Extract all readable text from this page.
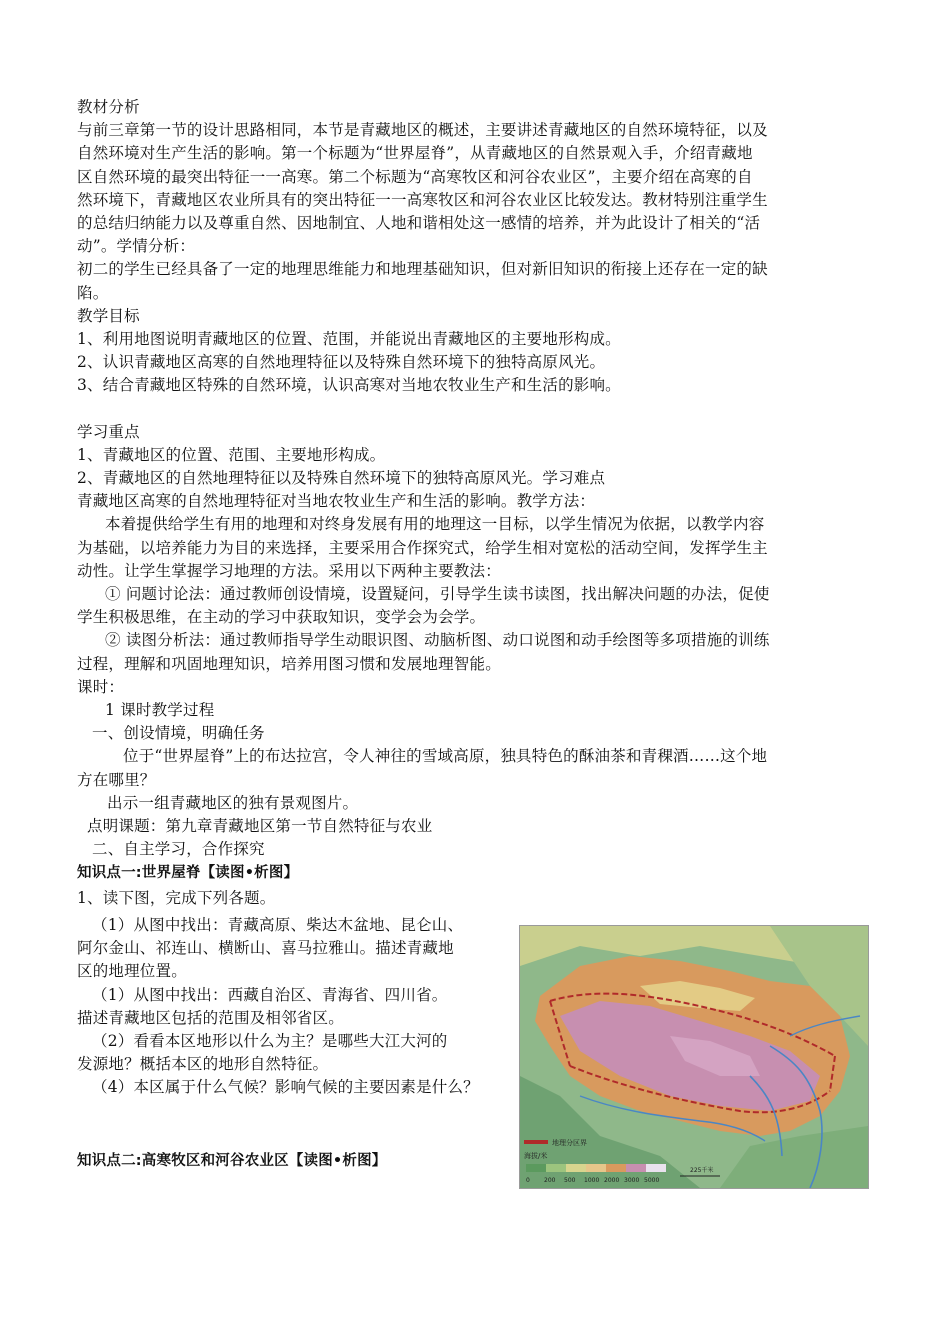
教材分析
与前三章第一节的设计思路相同，本节是青藏地区的概述，主要讲述青藏地区的自然环境特征，以及
自然环境对生产生活的影响。第一个标题为“世界屋脊”，从青藏地区的自然景观入手，介绍青藏地
区自然环境的最突出特征一一高寒。第二个标题为“高寒牧区和河谷农业区”，主要介绍在高寒的自
然环境下，青藏地区农业所具有的突出特征一一高寒牧区和河谷农业区比较发达。教材特别注重学生
的总结归纳能力以及尊重自然、因地制宜、人地和谐相处这一感情的培养，并为此设计了相关的“活
动”。学情分析：
初二的学生已经具备了一定的地理思维能力和地理基础知识，但对新旧知识的衔接上还存在一定的缺
陷。
教学目标
1、利用地图说明青藏地区的位置、范围，并能说出青藏地区的主要地形构成。
2、认识青藏地区高寒的自然地理特征以及特殊自然环境下的独特高原风光。
3、结合青藏地区特殊的自然环境，认识高寒对当地农牧业生产和生活的影响。
学习重点
1、青藏地区的位置、范围、主要地形构成。
2、青藏地区的自然地理特征以及特殊自然环境下的独特高原风光。学习难点
青藏地区高寒的自然地理特征对当地农牧业生产和生活的影响。教学方法：
本着提供给学生有用的地理和对终身发展有用的地理这一目标，以学生情况为依据，以教学内容
为基础，以培养能力为目的来选择，主要采用合作探究式，给学生相对宽松的活动空间，发挥学生主
动性。让学生掌握学习地理的方法。采用以下两种主要教法：
① 问题讨论法：通过教师创设情境，设置疑问，引导学生读书读图，找出解决问题的办法，促使
学生积极思维，在主动的学习中获取知识，变学会为会学。
② 读图分析法：通过教师指导学生动眼识图、动脑析图、动口说图和动手绘图等多项措施的训练
过程，理解和巩固地理知识，培养用图习惯和发展地理智能。
课时：
1 课时教学过程
一、创设情境，明确任务
位于“世界屋脊”上的布达拉宫，令人神往的雪域高原，独具特色的酥油茶和青稞酒……这个地
方在哪里？
出示一组青藏地区的独有景观图片。
点明课题：第九章青藏地区第一节自然特征与农业
二、自主学习，合作探究
知识点一:世界屋脊【读图•析图】
1、读下图，完成下列各题。
（1）从图中找出：青藏高原、柴达木盆地、昆仑山、
阿尔金山、祁连山、横断山、喜马拉雅山。描述青藏地
区的地理位置。
（1）从图中找出：西藏自治区、青海省、四川省。
描述青藏地区包括的范围及相邻省区。
（2）看看本区地形以什么为主？是哪些大江大河的
发源地？概括本区的地形自然特征。
（4）本区属于什么气候？影响气候的主要因素是什么？
知识点二:高寒牧区和河谷农业区【读图•析图】
地理分区界
海拔/米
0 200 500 1000 2000 3000 5000
225千米
